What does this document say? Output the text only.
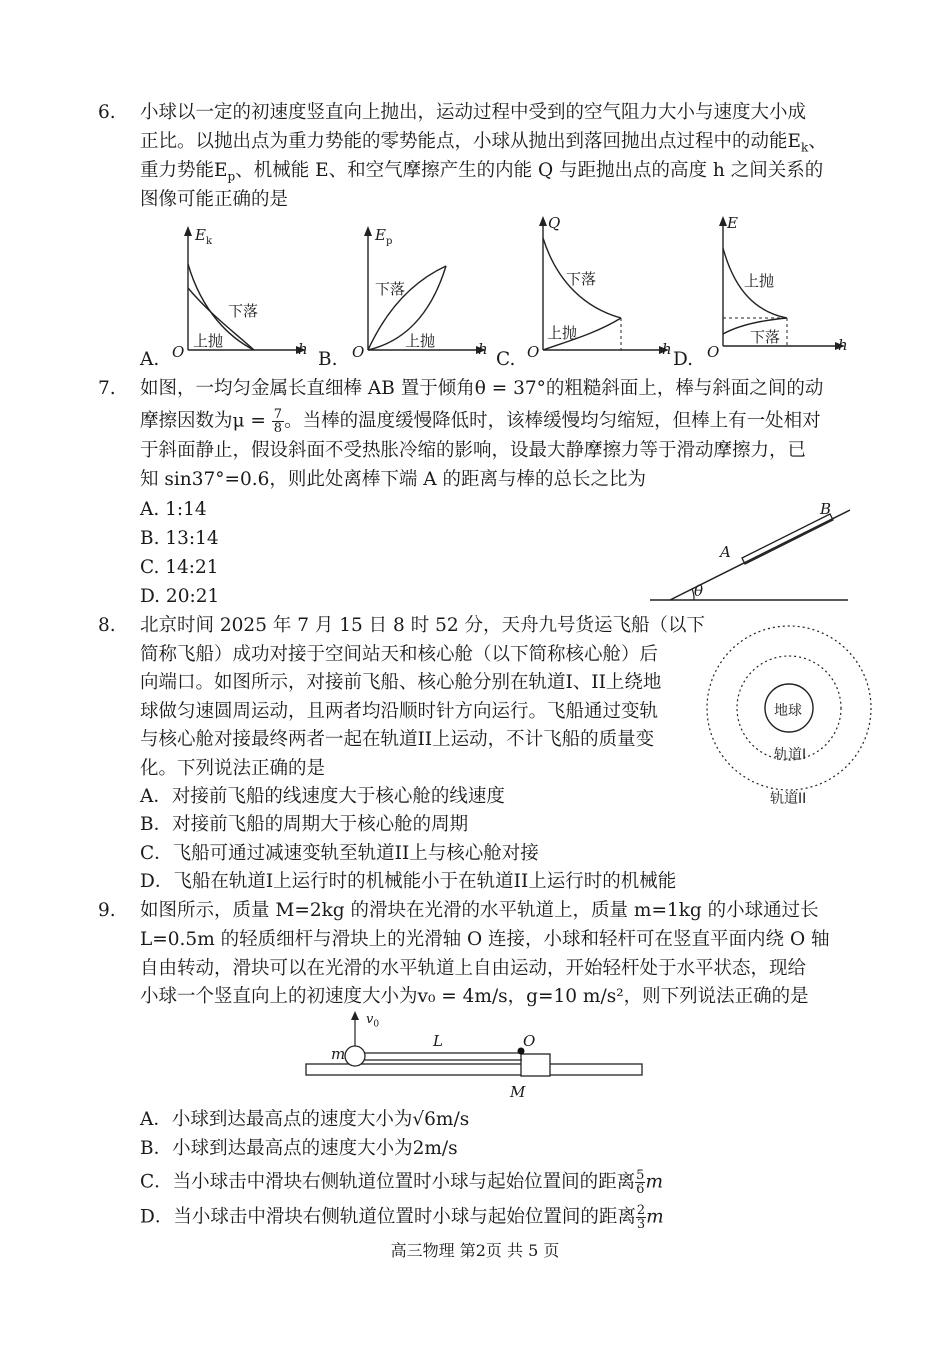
6. 小球以一定的初速度竖直向上抛出，运动过程中受到的空气阻力大小与速度大小成
正比。以抛出点为重力势能的零势能点，小球从抛出到落回抛出点过程中的动能$E_k$、
重力势能$E_p$、机械能 E、和空气摩擦产生的内能 Q 与距抛出点的高度 h 之间关系的
图像可能正确的是
$E_k$
O	h
下落
上抛
A.
$E_p$
O	h
下落
上抛
B.
Q
O	h
下落
上抛
C.
E
O	h
上抛
下落
D.
7. 如图，一均匀金属长直细棒 AB 置于倾角θ = 37°的粗糙斜面上，棒与斜面之间的动
摩擦因数为$\mu = \frac{7}{8}$ 。当棒的温度缓慢降低时，该棒缓慢均匀缩短，但棒上有一处相对
于斜面静止，假设斜面不受热胀冷缩的影响，设最大静摩擦力等于滑动摩擦力，已
知 sin37°=0.6，则此处离棒下端 A 的距离与棒的总长之比为
A. 1:14
B. 13:14
C. 14:21
D. 20:21
A
B
θ
8. 北京时间 2025 年 7 月 15 日 8 时 52 分，天舟九号货运飞船（以下
简称飞船）成功对接于空间站天和核心舱（以下简称核心舱）后
向端口。如图所示，对接前飞船、核心舱分别在轨道I、II上绕地
球做匀速圆周运动，且两者均沿顺时针方向运行。飞船通过变轨
与核心舱对接最终两者一起在轨道II上运动，不计飞船的质量变
化。下列说法正确的是
A．对接前飞船的线速度大于核心舱的线速度
B．对接前飞船的周期大于核心舱的周期
C．飞船可通过减速变轨至轨道II上与核心舱对接
D．飞船在轨道I上运行时的机械能小于在轨道II上运行时的机械能
地球
轨道I
轨道II
9. 如图所示，质量 M=2kg 的滑块在光滑的水平轨道上，质量 m=1kg 的小球通过长
L=0.5m 的轻质细杆与滑块上的光滑轴 O 连接，小球和轻杆可在竖直平面内绕 O 轴
自由转动，滑块可以在光滑的水平轨道上自由运动，开始轻杆处于水平状态，现给
小球一个竖直向上的初速度大小为v₀ = 4m/s，g=10 m/s²，则下列说法正确的是
$v_0$
m
L	O
M
A．小球到达最高点的速度大小为√6m/s
B．小球到达最高点的速度大小为2m/s
C．当小球击中滑块右侧轨道位置时小球与起始位置间的距离 $\frac{5}{6}$ m
D．当小球击中滑块右侧轨道位置时小球与起始位置间的距离 $\frac{2}{3}$ m
高三物理 第2页 共 5 页
